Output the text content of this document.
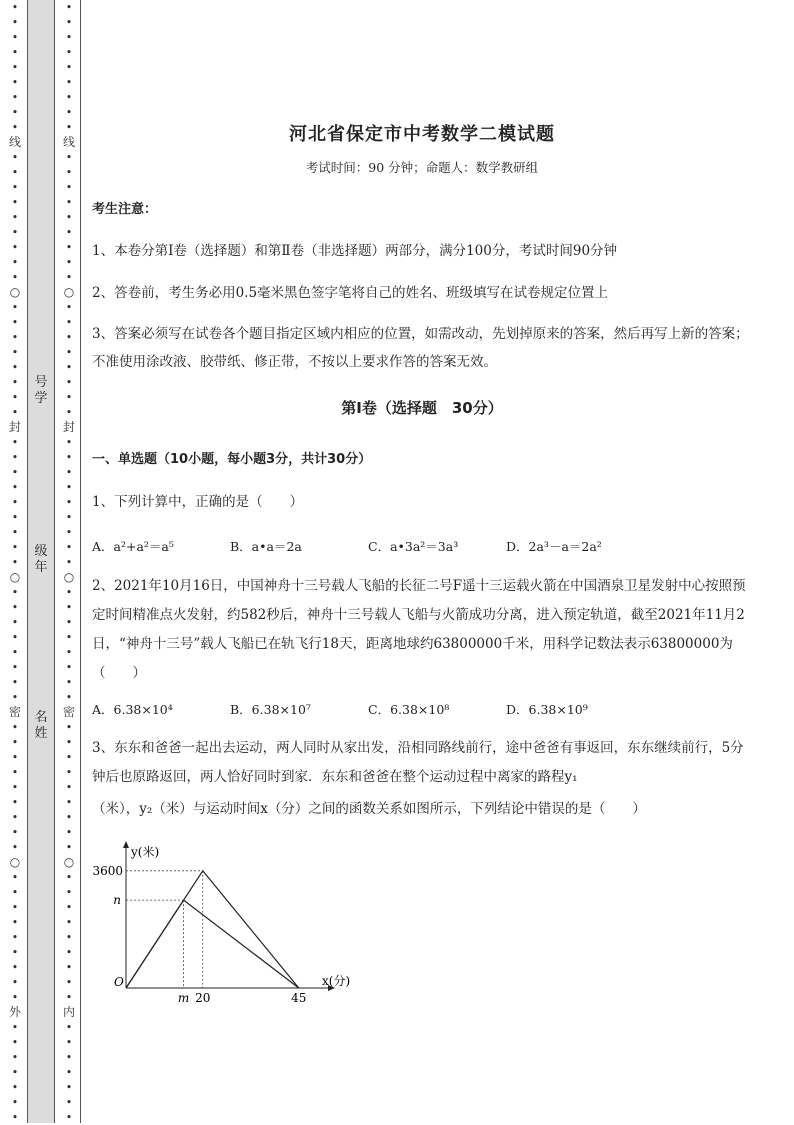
•
•
•
•
•
•
•
•
•
线
•
•
•
•
•
•
•
•
•
○
•
•
•
•
•
•
•
•
封
•
•
•
•
•
•
•
•
•
○
•
•
•
•
•
•
•
•
密
•
•
•
•
•
•
•
•
•
○
•
•
•
•
•
•
•
•
•
外
•
•
•
•
•
•
•
号
学
级
年
名
姓
•
•
•
•
•
•
•
•
•
线
•
•
•
•
•
•
•
•
•
○
•
•
•
•
•
•
•
•
封
•
•
•
•
•
•
•
•
•
○
•
•
•
•
•
•
•
•
密
•
•
•
•
•
•
•
•
•
○
•
•
•
•
•
•
•
•
•
内
•
•
•
•
•
•
•
河北省保定市中考数学二模试题
考试时间：90 分钟；命题人：数学教研组
考生注意：
1、本卷分第Ⅰ卷（选择题）和第Ⅱ卷（非选择题）两部分，满分100分，考试时间90分钟
2、答卷前，考生务必用0.5毫米黑色签字笔将自己的姓名、班级填写在试卷规定位置上
3、答案必须写在试卷各个题目指定区域内相应的位置，如需改动，先划掉原来的答案，然后再写上新的答案；不准使用涂改液、胶带纸、修正带，不按以上要求作答的答案无效。
第Ⅰ卷（选择题　30分）
一、单选题（10小题，每小题3分，共计30分）
1、下列计算中，正确的是（　　）
A．a²+a²＝a⁵	B．a•a＝2a	C．a•3a²＝3a³	D．2a³－a＝2a²
2、2021年10月16日，中国神舟十三号载人飞船的长征二号F遥十三运载火箭在中国酒泉卫星发射中心按照预定时间精准点火发射，约582秒后，神舟十三号载人飞船与火箭成功分离，进入预定轨道，截至2021年11月2日，“神舟十三号”载人飞船已在轨飞行18天，距离地球约63800000千米，用科学记数法表示63800000为（　　）
A．6.38×10⁴	B．6.38×10⁷	C．6.38×10⁸	D．6.38×10⁹
3、东东和爸爸一起出去运动，两人同时从家出发，沿相同路线前行，途中爸爸有事返回，东东继续前行，5分钟后也原路返回，两人恰好同时到家．东东和爸爸在整个运动过程中离家的路程y₁
（米），y₂（米）与运动时间x（分）之间的函数关系如图所示，下列结论中错误的是（　　）
y(米)
x(分)
O
20	45
m
3600
n
